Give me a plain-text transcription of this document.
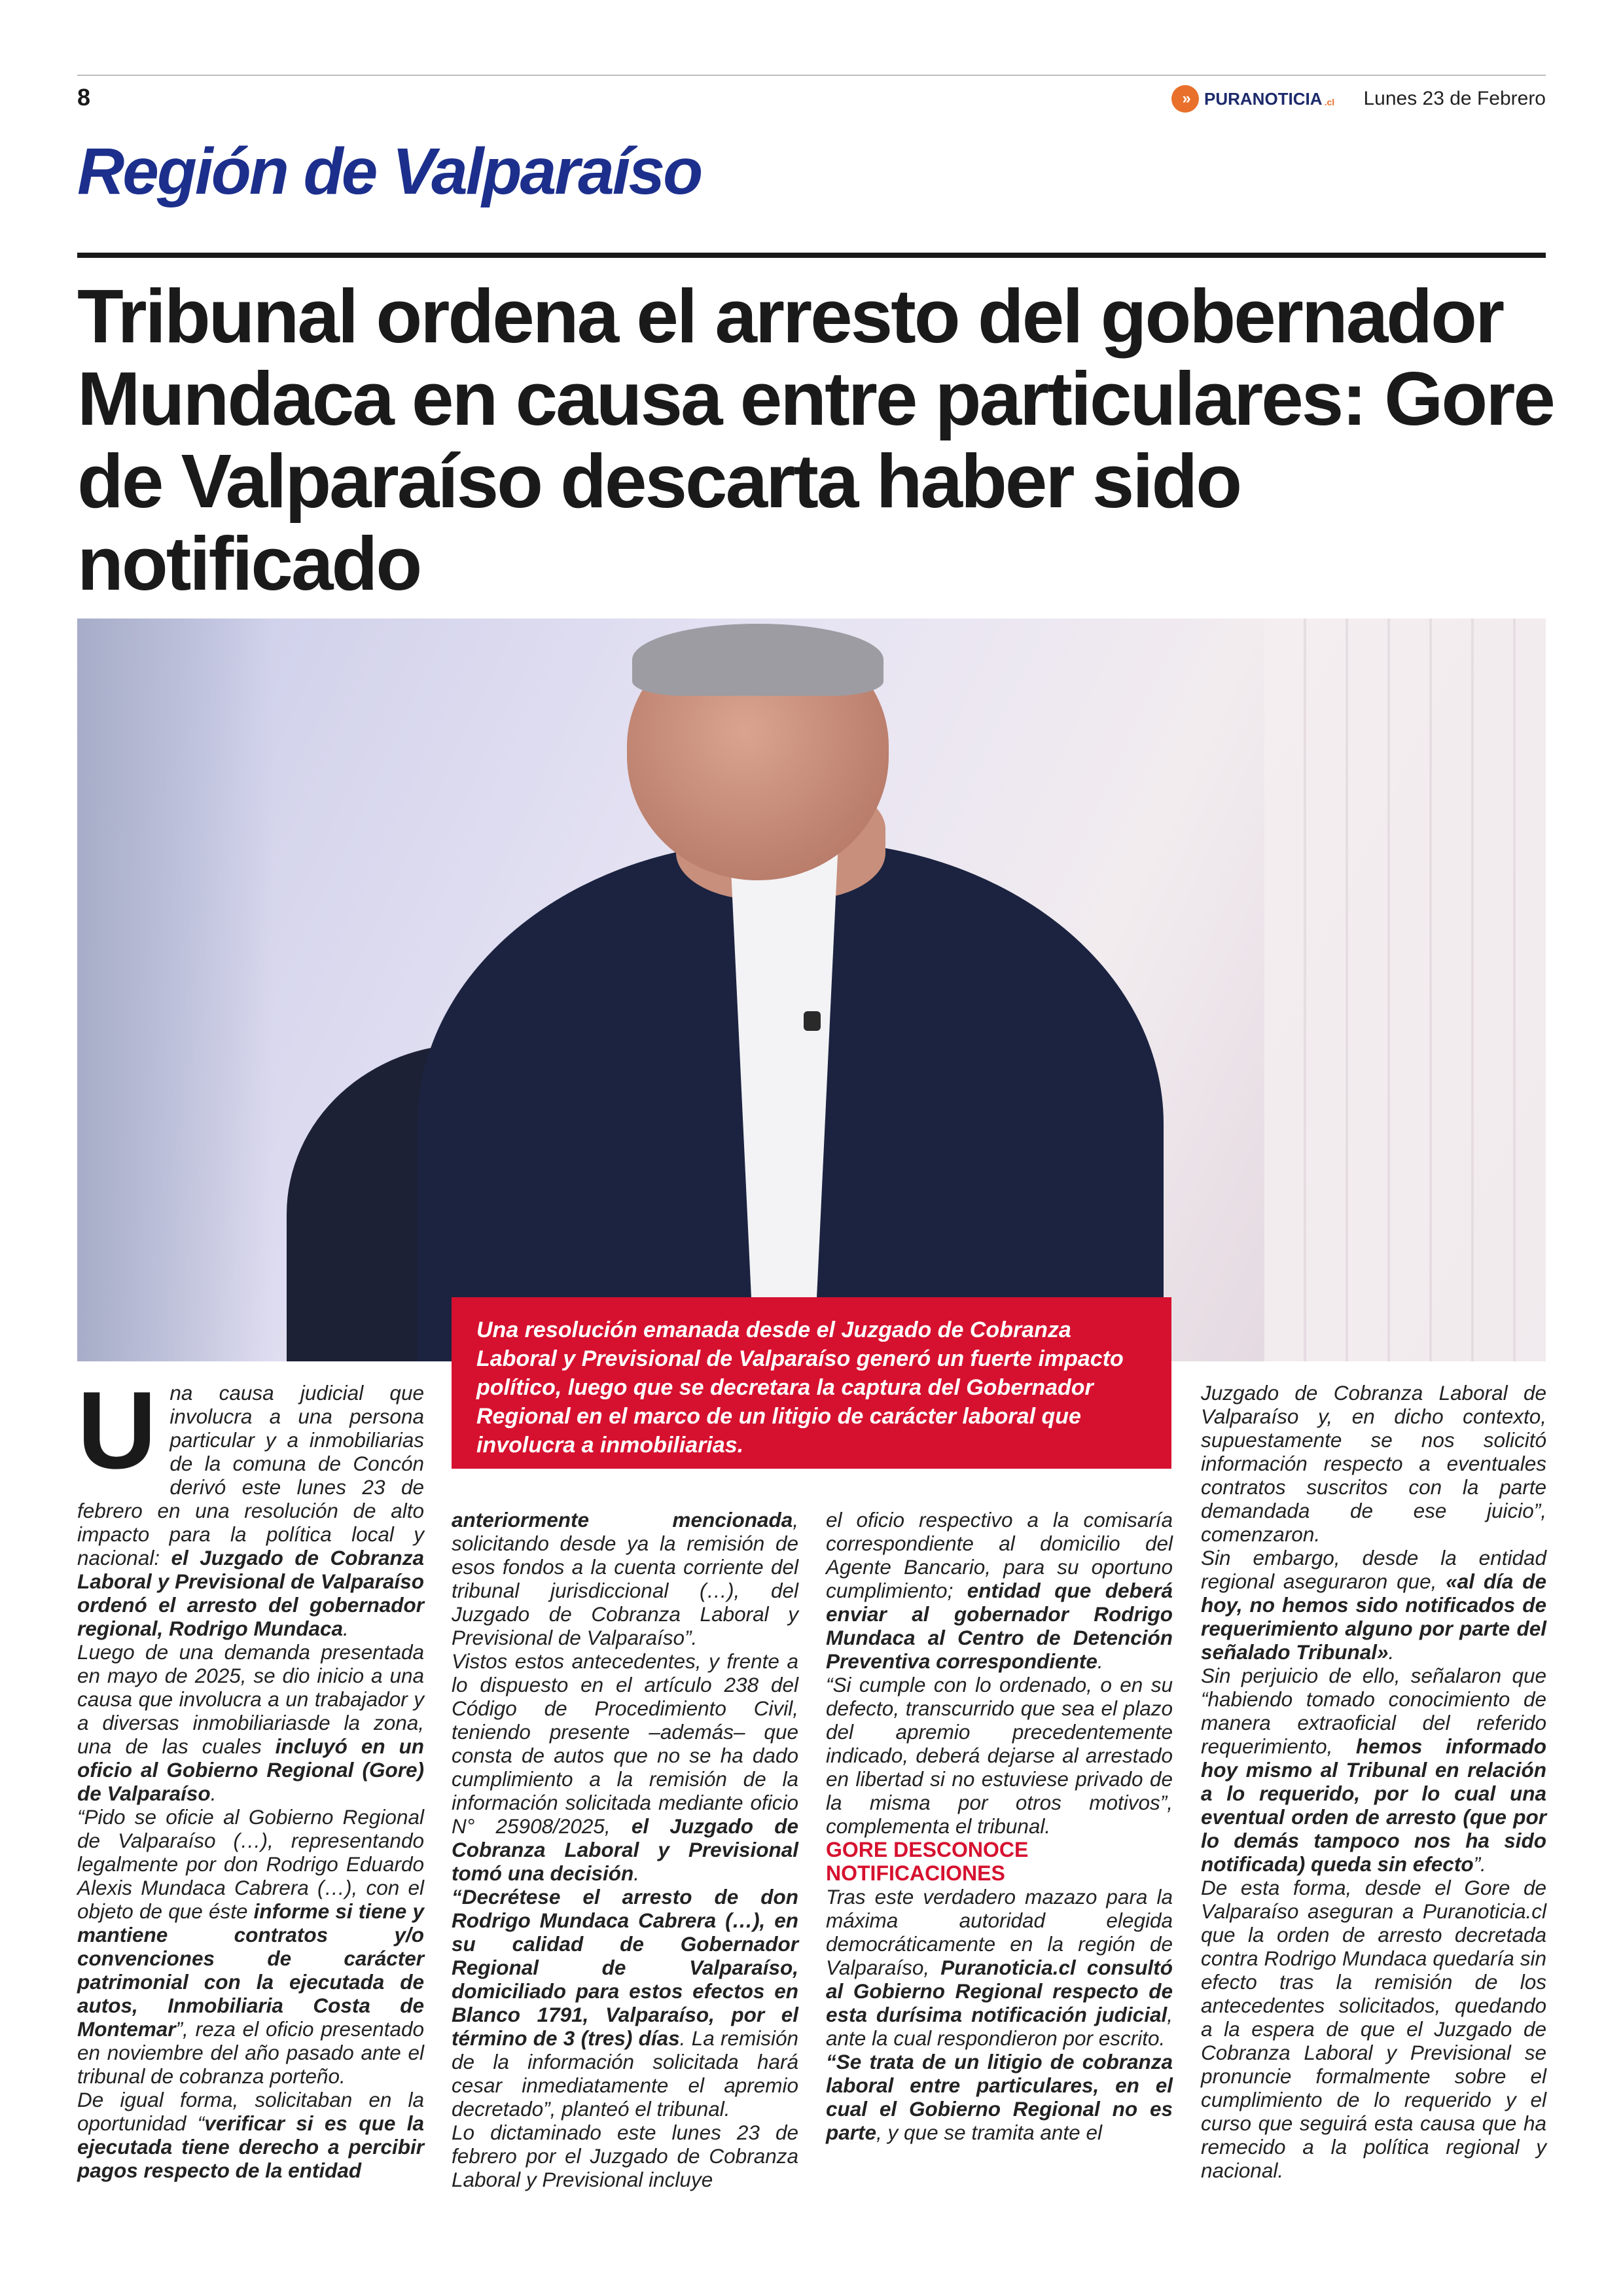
8	» PURANOTICIA .cl Lunes 23 de Febrero
Región de Valparaíso
Tribunal ordena el arresto del gobernador Mundaca en causa entre particulares: Gore de Valparaíso descarta haber sido notificado

Una resolución emanada desde el Juzgado de Cobranza Laboral y Previsional de Valparaíso generó un fuerte impacto político, luego que se decretara la captura del Gobernador Regional en el marco de un litigio de carácter laboral que involucra a inmobiliarias.

U na causa judicial que involucra a una persona particular y a inmobiliarias de la comuna de Concón derivó este lunes 23 de febrero en una resolución de alto impacto para la política local y nacional: el Juzgado de Cobranza Laboral y Previsional de Valparaíso ordenó el arresto del gobernador regional, Rodrigo Mundaca.

Luego de una demanda presentada en mayo de 2025, se dio inicio a una causa que involucra a un trabajador y a diversas inmobiliariasde la zona, una de las cuales incluyó en un oficio al Gobierno Regional (Gore) de Valparaíso.

“Pido se oficie al Gobierno Regional de Valparaíso (…), representando legalmente por don Rodrigo Eduardo Alexis Mundaca Cabrera (…), con el objeto de que éste informe si tiene y mantiene contratos y/o convenciones de carácter patrimonial con la ejecutada de autos, Inmobiliaria Costa de Montemar”, reza el oficio presentado en noviembre del año pasado ante el tribunal de cobranza porteño.

De igual forma, solicitaban en la oportunidad “verificar si es que la ejecutada tiene derecho a percibir pagos respecto de la entidad

anteriormente mencionada, solicitando desde ya la remisión de esos fondos a la cuenta corriente del tribunal jurisdiccional (…), del Juzgado de Cobranza Laboral y Previsional de Valparaíso”.

Vistos estos antecedentes, y frente a lo dispuesto en el artículo 238 del Código de Procedimiento Civil, teniendo presente –además– que consta de autos que no se ha dado cumplimiento a la remisión de la información solicitada mediante oficio N° 25908/2025, el Juzgado de Cobranza Laboral y Previsional tomó una decisión.

“Decrétese el arresto de don Rodrigo Mundaca Cabrera (…), en su calidad de Gobernador Regional de Valparaíso, domiciliado para estos efectos en Blanco 1791, Valparaíso, por el término de 3 (tres) días. La remisión de la información solicitada hará cesar inmediatamente el apremio decretado”, planteó el tribunal.

Lo dictaminado este lunes 23 de febrero por el Juzgado de Cobranza Laboral y Previsional incluye

el oficio respectivo a la comisaría correspondiente al domicilio del Agente Bancario, para su oportuno cumplimiento; entidad que deberá enviar al gobernador Rodrigo Mundaca al Centro de Detención Preventiva correspondiente.

“Si cumple con lo ordenado, o en su defecto, transcurrido que sea el plazo del apremio precedentemente indicado, deberá dejarse al arrestado en libertad si no estuviese privado de la misma por otros motivos”, complementa el tribunal.

GORE DESCONOCE NOTIFICACIONES

Tras este verdadero mazazo para la máxima autoridad elegida democráticamente en la región de Valparaíso, Puranoticia.cl consultó al Gobierno Regional respecto de esta durísima notificación judicial, ante la cual respondieron por escrito.

“Se trata de un litigio de cobranza laboral entre particulares, en el cual el Gobierno Regional no es parte, y que se tramita ante el

Juzgado de Cobranza Laboral de Valparaíso y, en dicho contexto, supuestamente se nos solicitó información respecto a eventuales contratos suscritos con la parte demandada de ese juicio”, comenzaron.

Sin embargo, desde la entidad regional aseguraron que, «al día de hoy, no hemos sido notificados de requerimiento alguno por parte del señalado Tribunal».

Sin perjuicio de ello, señalaron que “habiendo tomado conocimiento de manera extraoficial del referido requerimiento, hemos informado hoy mismo al Tribunal en relación a lo requerido, por lo cual una eventual orden de arresto (que por lo demás tampoco nos ha sido notificada) queda sin efecto”.

De esta forma, desde el Gore de Valparaíso aseguran a Puranoticia.cl que la orden de arresto decretada contra Rodrigo Mundaca quedaría sin efecto tras la remisión de los antecedentes solicitados, quedando a la espera de que el Juzgado de Cobranza Laboral y Previsional se pronuncie formalmente sobre el cumplimiento de lo requerido y el curso que seguirá esta causa que ha remecido a la política regional y nacional.
